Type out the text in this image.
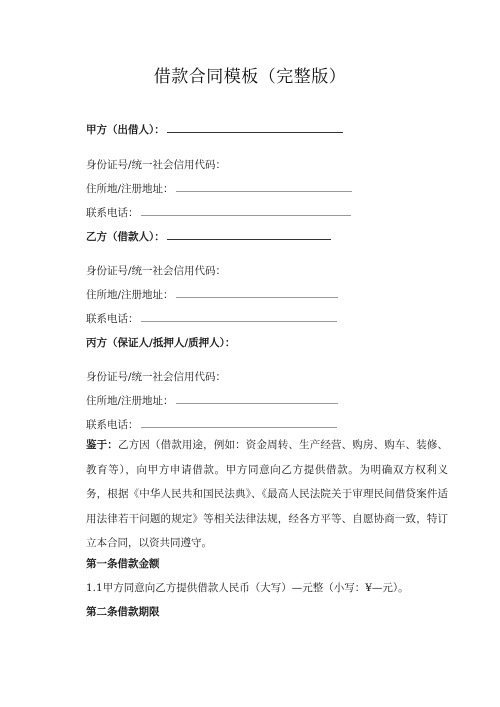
借款合同模板（完整版）
甲方（出借人）：
身份证号/统一社会信用代码：
住所地/注册地址：
联系电话：
乙方（借款人）：
身份证号/统一社会信用代码：
住所地/注册地址：
联系电话：
丙方（保证人/抵押人/质押人）：
身份证号/统一社会信用代码：
住所地/注册地址：
联系电话：
鉴于：乙方因（借款用途，例如：资金周转、生产经营、购房、购车、装修、教育等），向甲方申请借款。甲方同意向乙方提供借款。为明确双方权利义务，根据《中华人民共和国民法典》、《最高人民法院关于审理民间借贷案件适用法律若干问题的规定》等相关法律法规，经各方平等、自愿协商一致，特订立本合同，以资共同遵守。
第一条借款金额
1.1甲方同意向乙方提供借款人民币（大写）—元整（小写：¥—元）。
第二条借款期限
